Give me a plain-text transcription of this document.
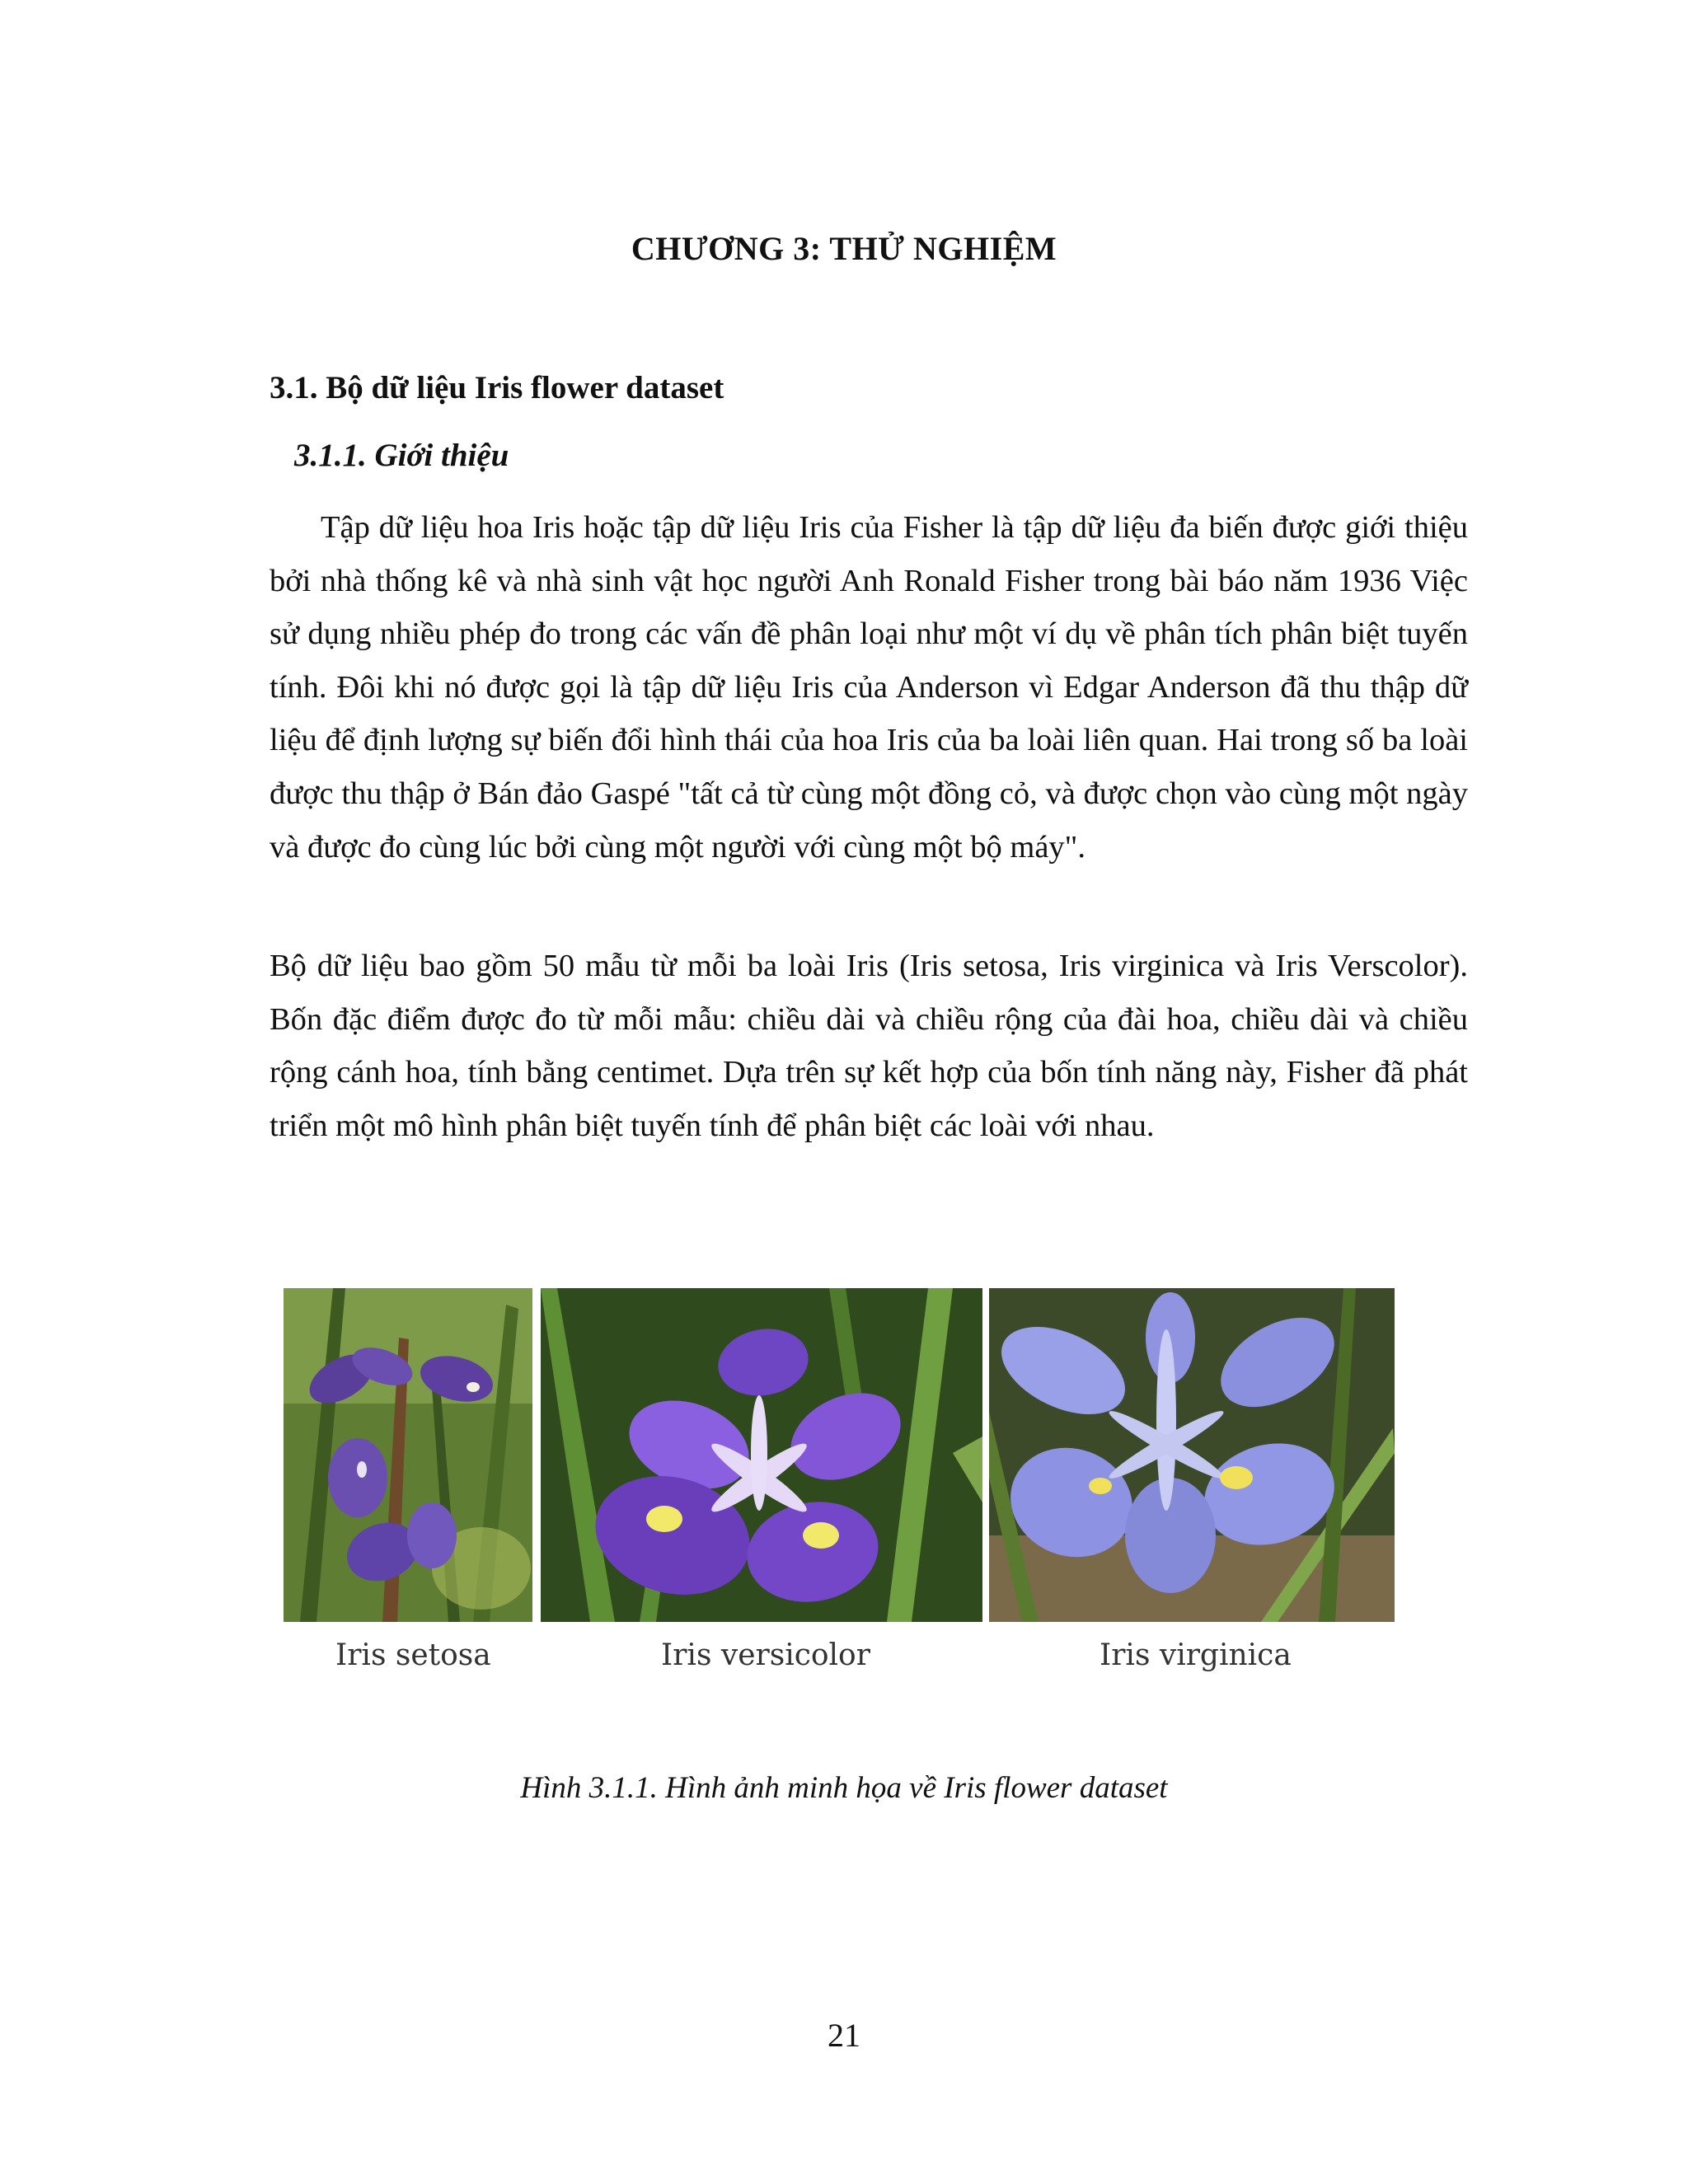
CHƯƠNG 3: THỬ NGHIỆM
3.1. Bộ dữ liệu Iris flower dataset
3.1.1. Giới thiệu

Tập dữ liệu hoa Iris hoặc tập dữ liệu Iris của Fisher là tập dữ liệu đa biến được giới thiệu bởi nhà thống kê và nhà sinh vật học người Anh Ronald Fisher trong bài báo năm 1936 Việc sử dụng nhiều phép đo trong các vấn đề phân loại như một ví dụ về phân tích phân biệt tuyến tính. Đôi khi nó được gọi là tập dữ liệu Iris của Anderson vì Edgar Anderson đã thu thập dữ liệu để định lượng sự biến đổi hình thái của hoa Iris của ba loài liên quan. Hai trong số ba loài được thu thập ở Bán đảo Gaspé "tất cả từ cùng một đồng cỏ, và được chọn vào cùng một ngày và được đo cùng lúc bởi cùng một người với cùng một bộ máy".

Bộ dữ liệu bao gồm 50 mẫu từ mỗi ba loài Iris (Iris setosa, Iris virginica và Iris Verscolor). Bốn đặc điểm được đo từ mỗi mẫu: chiều dài và chiều rộng của đài hoa, chiều dài và chiều rộng cánh hoa, tính bằng centimet. Dựa trên sự kết hợp của bốn tính năng này, Fisher đã phát triển một mô hình phân biệt tuyến tính để phân biệt các loài với nhau.

Iris setosa	Iris versicolor	Iris virginica

Hình 3.1.1. Hình ảnh minh họa về Iris flower dataset

21
